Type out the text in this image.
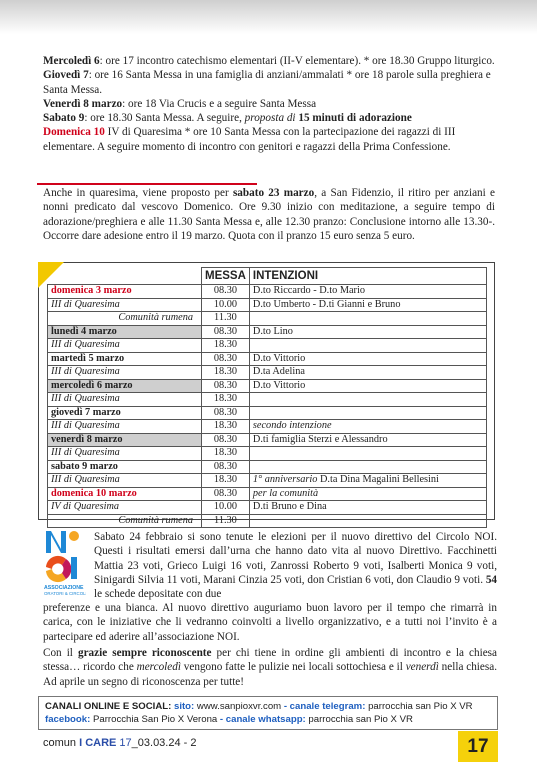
Mercoledì 6: ore 17 incontro catechismo elementari (II-V elementare). * ore 18.30 Gruppo liturgico.

Giovedì 7: ore 16 Santa Messa in una famiglia di anziani/ammalati * ore 18 parole sulla preghiera e Santa Messa.

Venerdì 8 marzo: ore 18 Via Crucis e a seguire Santa Messa

Sabato 9: ore 18.30 Santa Messa. A seguire, proposta di 15 minuti di adorazione

Domenica 10 IV di Quaresima * ore 10 Santa Messa con la partecipazione dei ragazzi di III elementare. A seguire momento di incontro con genitori e ragazzi della Prima Confessione.

Anche in quaresima, viene proposto per sabato 23 marzo, a San Fidenzio, il ritiro per anziani e nonni predicato dal vescovo Domenico. Ore 9.30 inizio con meditazione, a seguire tempo di adorazione/preghiera e alle 11.30 Santa Messa e, alle 12.30 pranzo: Conclusione intorno alle 13.30-. Occorre dare adesione entro il 19 marzo. Quota con il pranzo 15 euro senza 5 euro.

	MESSA	INTENZIONI
domenica 3 marzo	08.30	D.to Riccardo - D.to Mario
III di Quaresima	10.00	D.to Umberto - D.ti Gianni e Bruno
Comunità rumena	11.30	
lunedì 4 marzo	08.30	D.to Lino
III di Quaresima	18.30	
martedì 5 marzo	08.30	D.to Vittorio
III di Quaresima	18.30	D.ta Adelina
mercoledì 6 marzo	08.30	D.to Vittorio
III di Quaresima	18.30	
giovedì 7 marzo	08.30	
III di Quaresima	18.30	secondo intenzione
venerdì 8 marzo	08.30	D.ti famiglia Sterzi e Alessandro
III di Quaresima	18.30	
sabato 9 marzo	08.30	
III di Quaresima	18.30	1° anniversario D.ta Dina Magalini Bellesini
domenica 10 marzo	08.30	per la comunità
IV di Quaresima	10.00	D.ti Bruno e Dina
Comunità rumena	11.30	
ASSOCIAZIONE
ORATORI & CIRCOLI

Sabato 24 febbraio si sono tenute le elezioni per il nuovo direttivo del Circolo NOI. Questi i risultati emersi dall’urna che hanno dato vita al nuovo Direttivo. Facchinetti Mattia 23 voti, Grieco Luigi 16 voti, Zanrossi Roberto 9 voti, Isalberti Monica 9 voti, Sinigardi Silvia 11 voti, Marani Cinzia 25 voti, don Cristian 6 voti, don Claudio 9 voti. 54 le schede depositate con due

preferenze e una bianca. Al nuovo direttivo auguriamo buon lavoro per il tempo che rimarrà in carica, con le iniziative che li vedranno coinvolti a livello organizzativo, e a tutti noi l’invito è a partecipare ed aderire all’associazione NOI.

Con il grazie sempre riconoscente per chi tiene in ordine gli ambienti di incontro e la chiesa stessa… ricordo che mercoledì vengono fatte le pulizie nei locali sottochiesa e il venerdì nella chiesa. Ad aprile un segno di riconoscenza per tutte!

CANALI ONLINE E SOCIAL: sito: www.sanpioxvr.com - canale telegram: parrocchia san Pio X VR
facebook: Parrocchia San Pio X Verona - canale whatsapp: parrocchia san Pio X VR
comun I CARE 17_03.03.24 - 2	17
